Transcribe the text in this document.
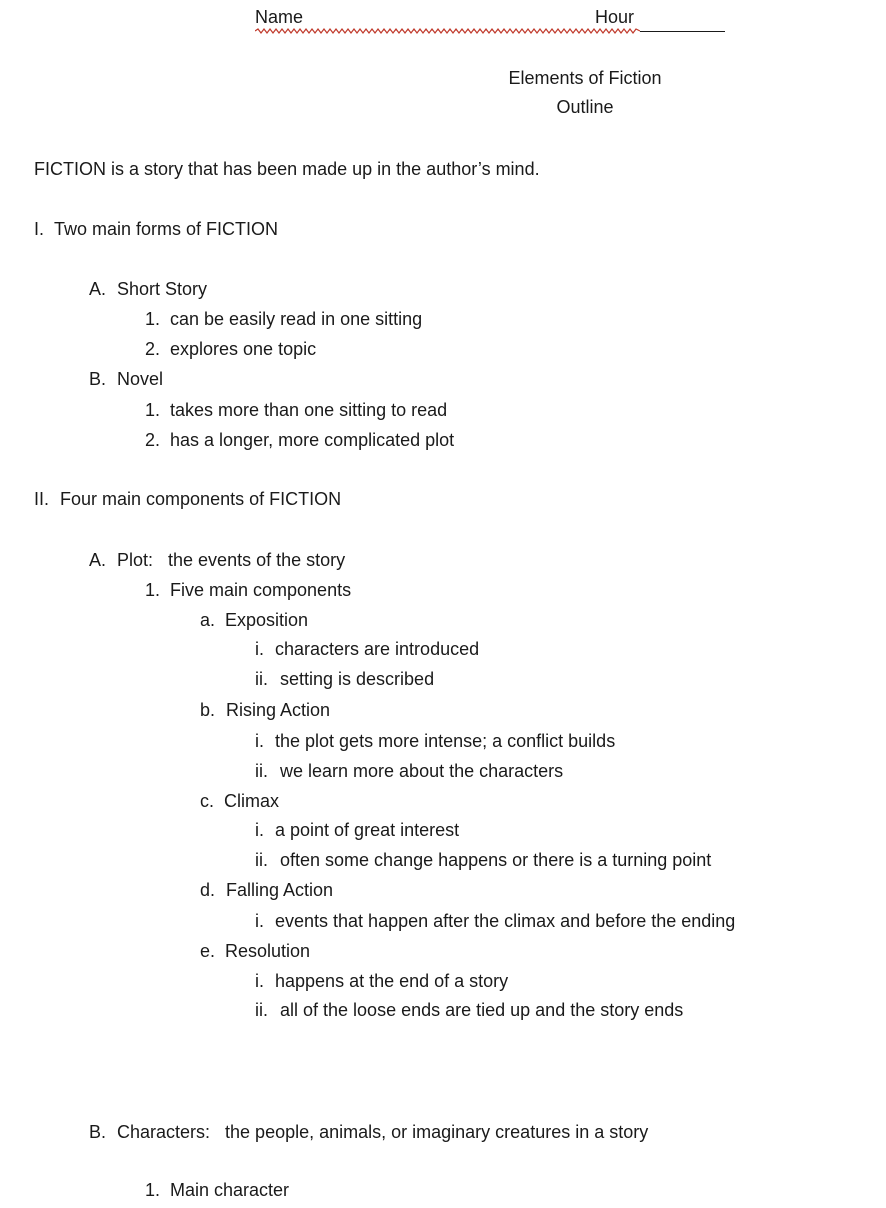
Name	Hour
Elements of Fiction
Outline
FICTION is a story that has been made up in the author’s mind.
I. Two main forms of FICTION
A. Short Story
1. can be easily read in one sitting
2. explores one topic
B. Novel
1. takes more than one sitting to read
2. has a longer, more complicated plot
II. Four main components of FICTION
A. Plot:   the events of the story
1. Five main components
a. Exposition
i. characters are introduced
ii. setting is described
b. Rising Action
i. the plot gets more intense; a conflict builds
ii. we learn more about the characters
c. Climax
i. a point of great interest
ii. often some change happens or there is a turning point
d. Falling Action
i. events that happen after the climax and before the ending
e. Resolution
i. happens at the end of a story
ii. all of the loose ends are tied up and the story ends
B. Characters:   the people, animals, or imaginary creatures in a story
1. Main character
